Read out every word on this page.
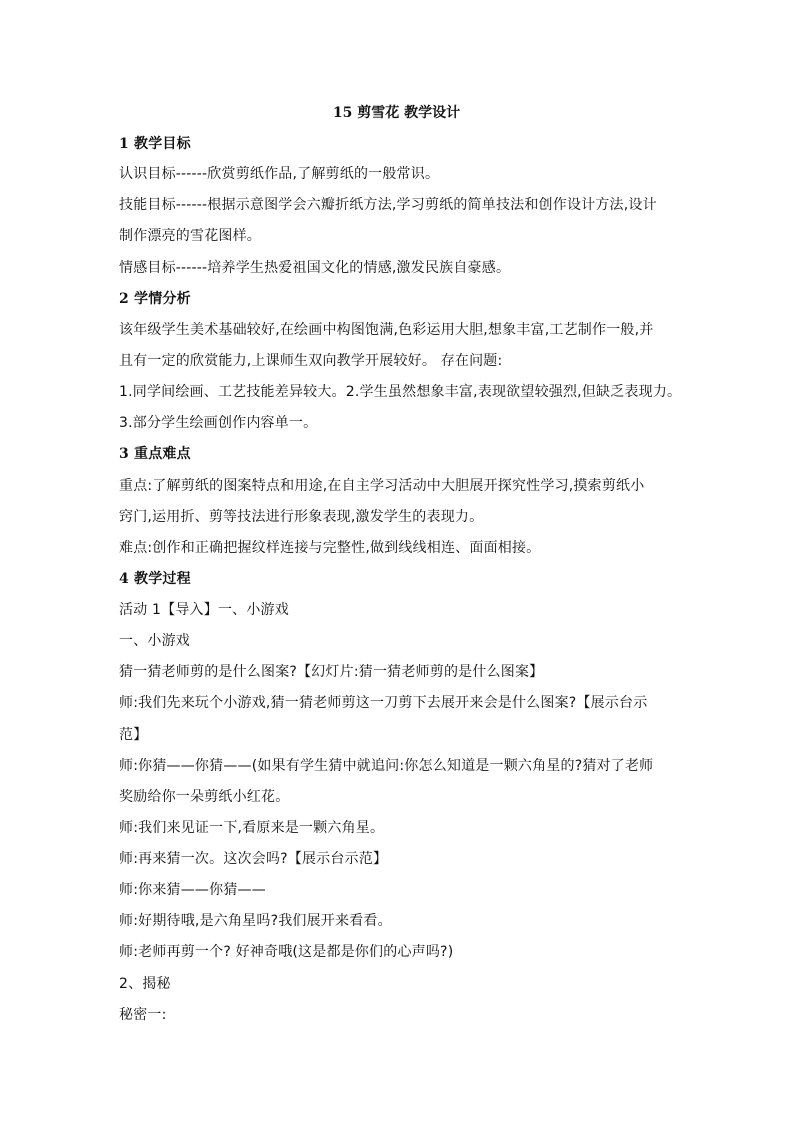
15 剪雪花 教学设计
1 教学目标
认识目标------欣赏剪纸作品,了解剪纸的一般常识。
技能目标------根据示意图学会六瓣折纸方法,学习剪纸的简单技法和创作设计方法,设计
制作漂亮的雪花图样。
情感目标------培养学生热爱祖国文化的情感,激发民族自豪感。
2 学情分析
该年级学生美术基础较好,在绘画中构图饱满,色彩运用大胆,想象丰富,工艺制作一般,并
且有一定的欣赏能力,上课师生双向教学开展较好。 存在问题:
1.同学间绘画、工艺技能差异较大。2.学生虽然想象丰富,表现欲望较强烈,但缺乏表现力。
3.部分学生绘画创作内容单一。
3 重点难点
重点:了解剪纸的图案特点和用途,在自主学习活动中大胆展开探究性学习,摸索剪纸小
窍门,运用折、剪等技法进行形象表现,激发学生的表现力。
难点:创作和正确把握纹样连接与完整性,做到线线相连、面面相接。
4 教学过程
活动 1【导入】一、小游戏
一、小游戏
猜一猜老师剪的是什么图案?【幻灯片:猜一猜老师剪的是什么图案】
师:我们先来玩个小游戏,猜一猜老师剪这一刀剪下去展开来会是什么图案?【展示台示
范】
师:你猜——你猜——(如果有学生猜中就追问:你怎么知道是一颗六角星的?猜对了老师
奖励给你一朵剪纸小红花。
师:我们来见证一下,看原来是一颗六角星。
师:再来猜一次。这次会吗?【展示台示范】
师:你来猜——你猜——
师:好期待哦,是六角星吗?我们展开来看看。
师:老师再剪一个? 好神奇哦(这是都是你们的心声吗?)
2、揭秘
秘密一:
